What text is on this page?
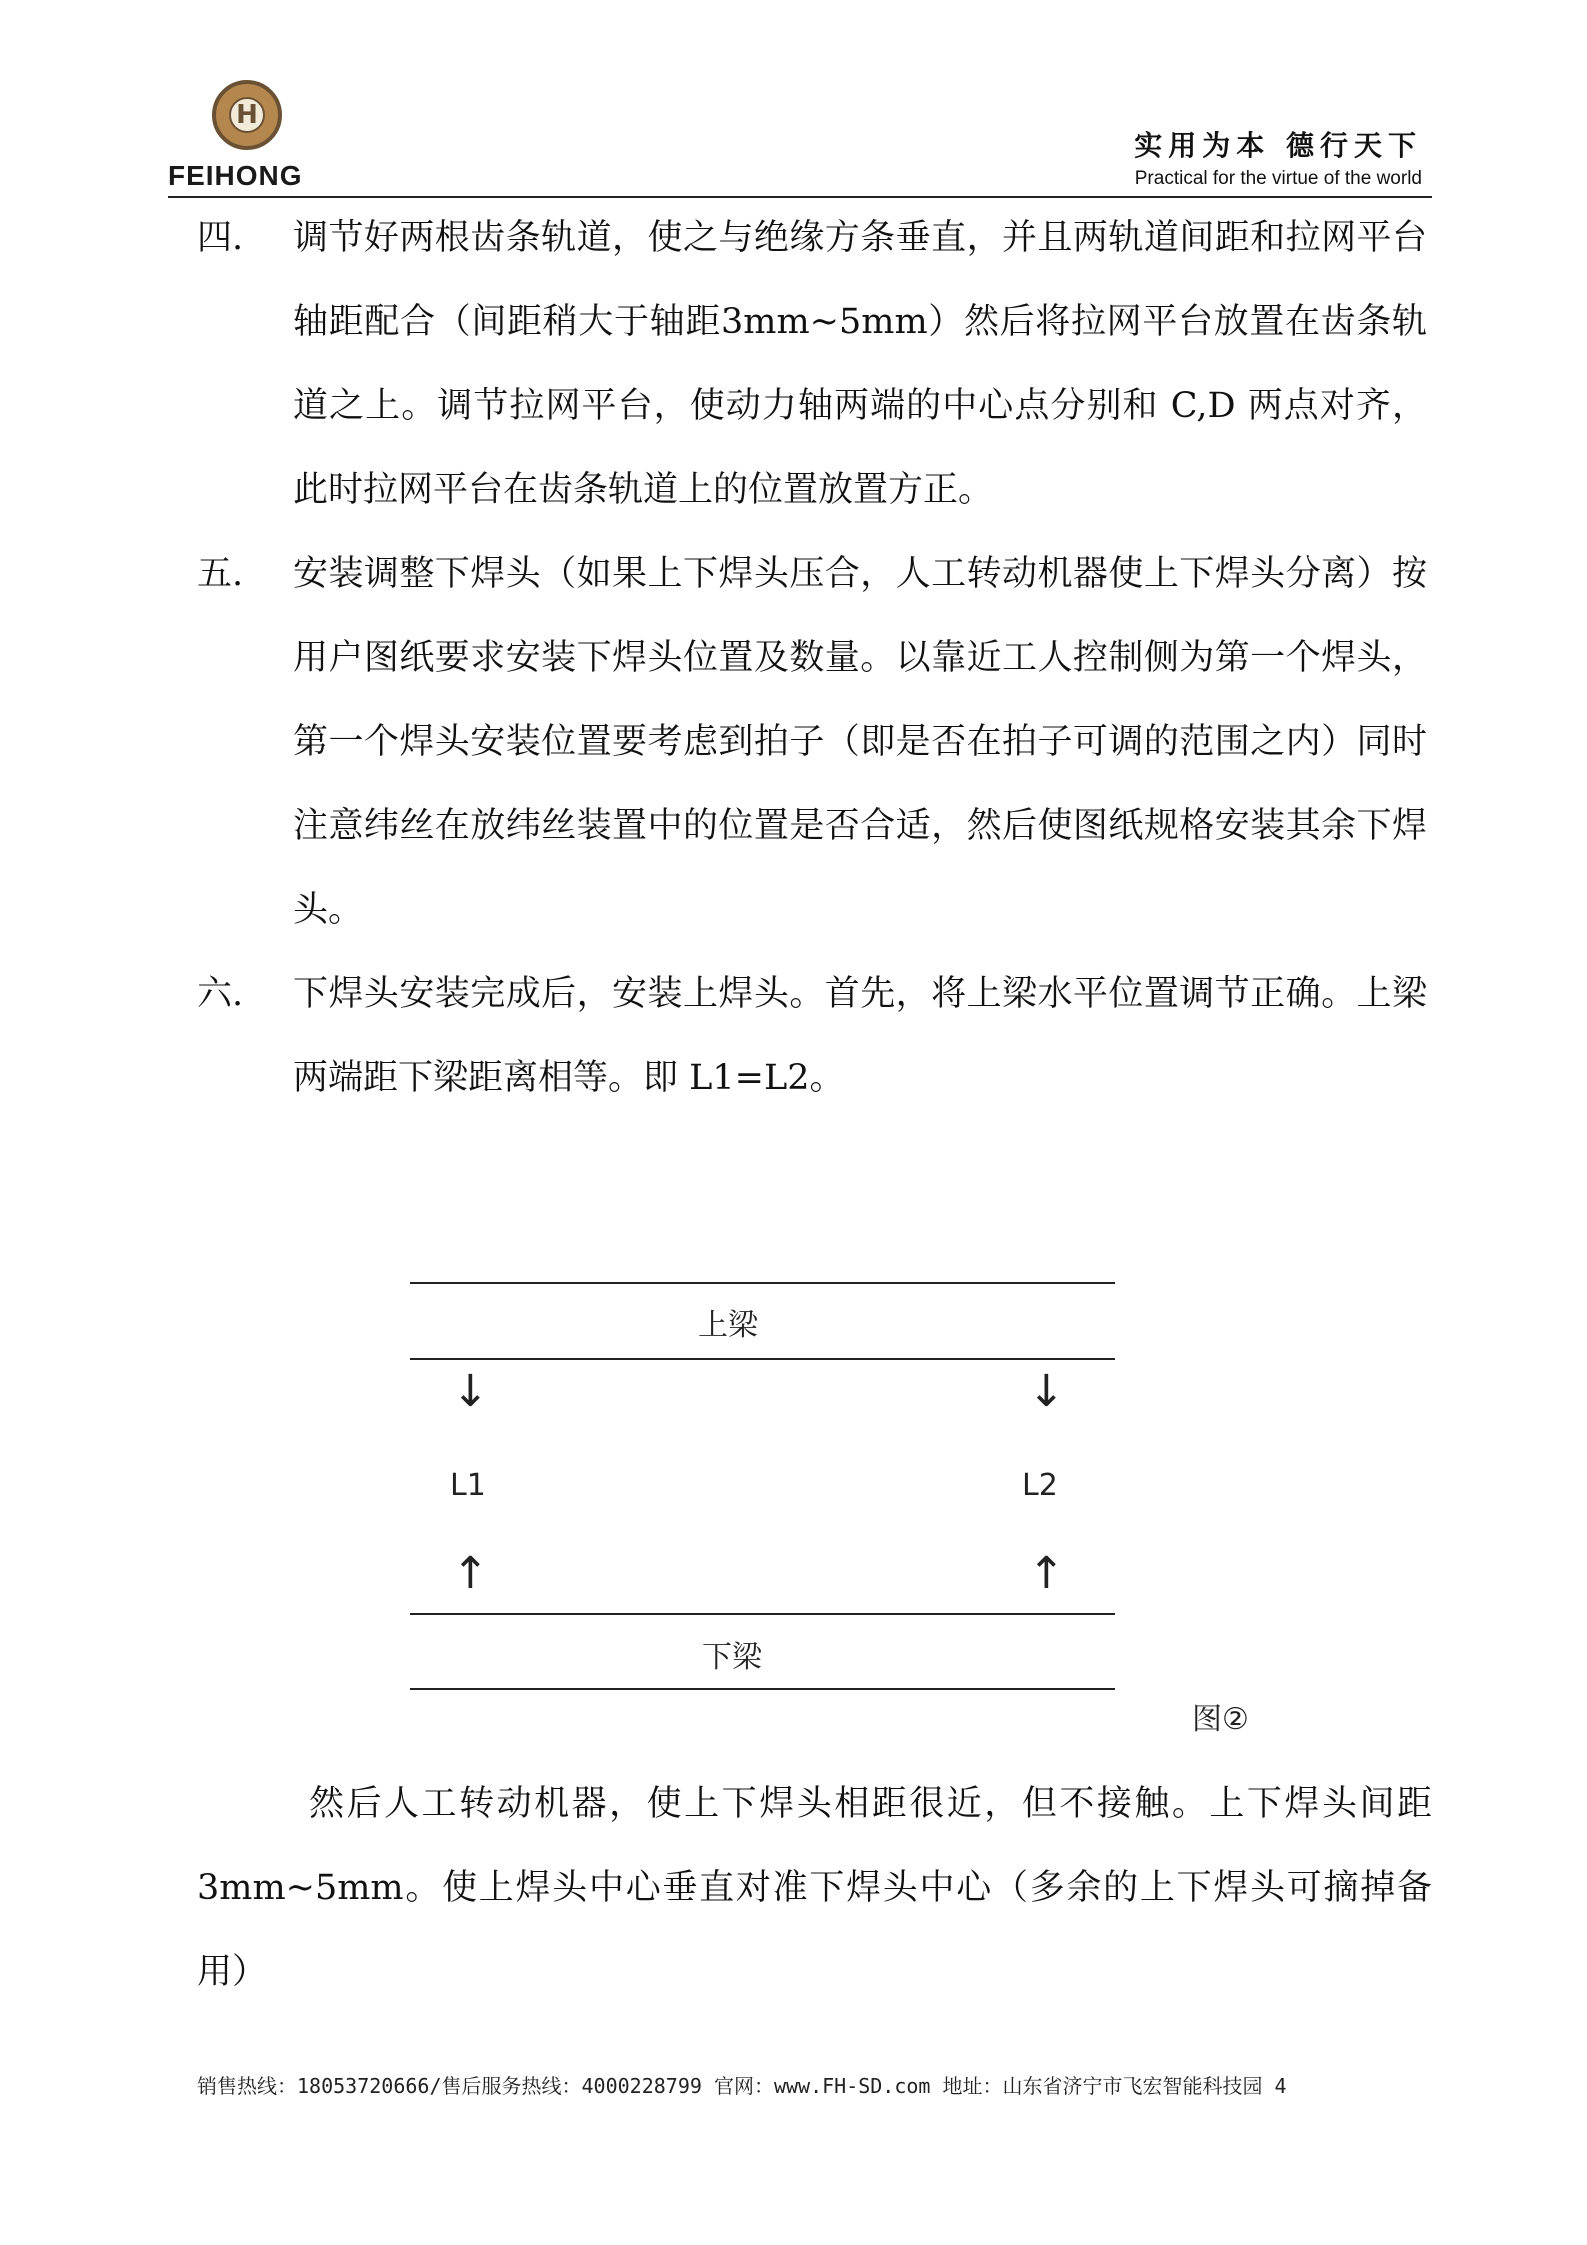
H
FEIHONG
实用为本 德行天下
Practical for the virtue of the world
四.	调节好两根齿条轨道，使之与绝缘方条垂直，并且两轨道间距和拉网平台轴距配合（间距稍大于轴距3mm~5mm）然后将拉网平台放置在齿条轨道之上。调节拉网平台，使动力轴两端的中心点分别和 C,D 两点对齐，此时拉网平台在齿条轨道上的位置放置方正。
五.	安装调整下焊头（如果上下焊头压合，人工转动机器使上下焊头分离）按用户图纸要求安装下焊头位置及数量。以靠近工人控制侧为第一个焊头，第一个焊头安装位置要考虑到拍子（即是否在拍子可调的范围之内）同时注意纬丝在放纬丝装置中的位置是否合适，然后使图纸规格安装其余下焊头。
六.	下焊头安装完成后，安装上焊头。首先，将上梁水平位置调节正确。上梁两端距下梁距离相等。即 L1=L2。
上梁
↓	↓
L1	L2
↑	↑
下梁
图②
然后人工转动机器，使上下焊头相距很近，但不接触。上下焊头间距3mm~5mm。使上焊头中心垂直对准下焊头中心（多余的上下焊头可摘掉备用）
销售热线：18053720666/售后服务热线：4000228799 官网：www.FH-SD.com 地址：山东省济宁市飞宏智能科技园 4
